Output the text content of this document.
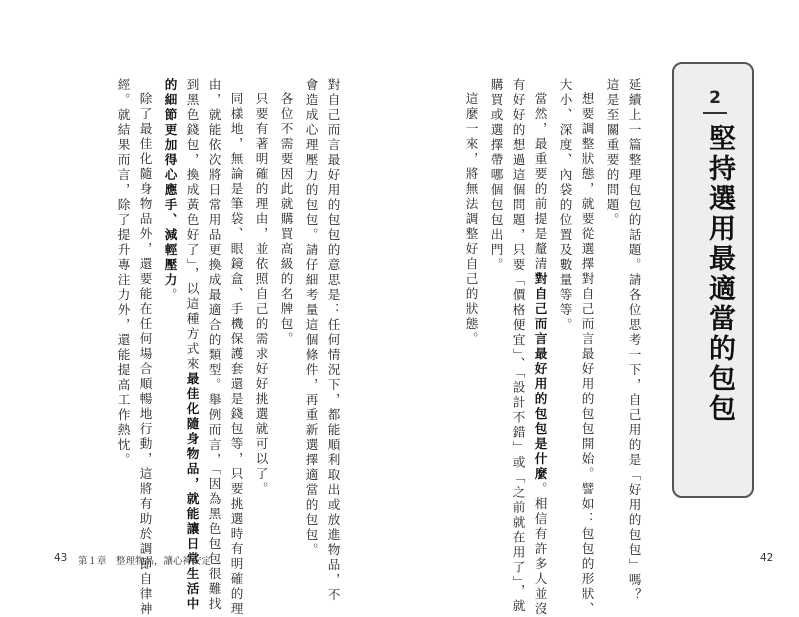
2
堅持選用最適當的包包
延續上一篇整理包包的話題。請各位思考一下，自己用的是「好用的包包」嗎？
這是至關重要的問題。
想要調整狀態，就要從選擇對自己而言最好用的包包開始。譬如：包包的形狀、
大小、深度、內袋的位置及數量等等。
當然，最重要的前提是釐清對自己而言最好用的包包是什麼。相信有許多人並沒
有好好的想過這個問題，只要「價格便宜」、「設計不錯」或「之前就在用了」，就
購買或選擇帶哪個包包出門。
這麼一來，將無法調整好自己的狀態。
對自己而言最好用的包包的意思是：任何情況下，都能順利取出或放進物品，不
會造成心理壓力的包包。請仔細考量這個條件，再重新選擇適當的包包。
各位不需要因此就購買高級的名牌包。
只要有著明確的理由，並依照自己的需求好好挑選就可以了。
同樣地，無論是筆袋、眼鏡盒、手機保護套還是錢包等，只要挑選時有明確的理
由，就能依次將日常用品更換成最適合的類型。舉例而言，「因為黑色包包很難找
到黑色錢包，換成黃色好了」，以這種方式來最佳化隨身物品，就能讓日常生活中
的細節更加得心應手、減輕壓力。
除了最佳化隨身物品外，還要能在任何場合順暢地行動，這將有助於調節自律神
經。就結果而言，除了提升專注力外，還能提高工作熱忱。
43 第１章　整理物品，讓心神安定	42
